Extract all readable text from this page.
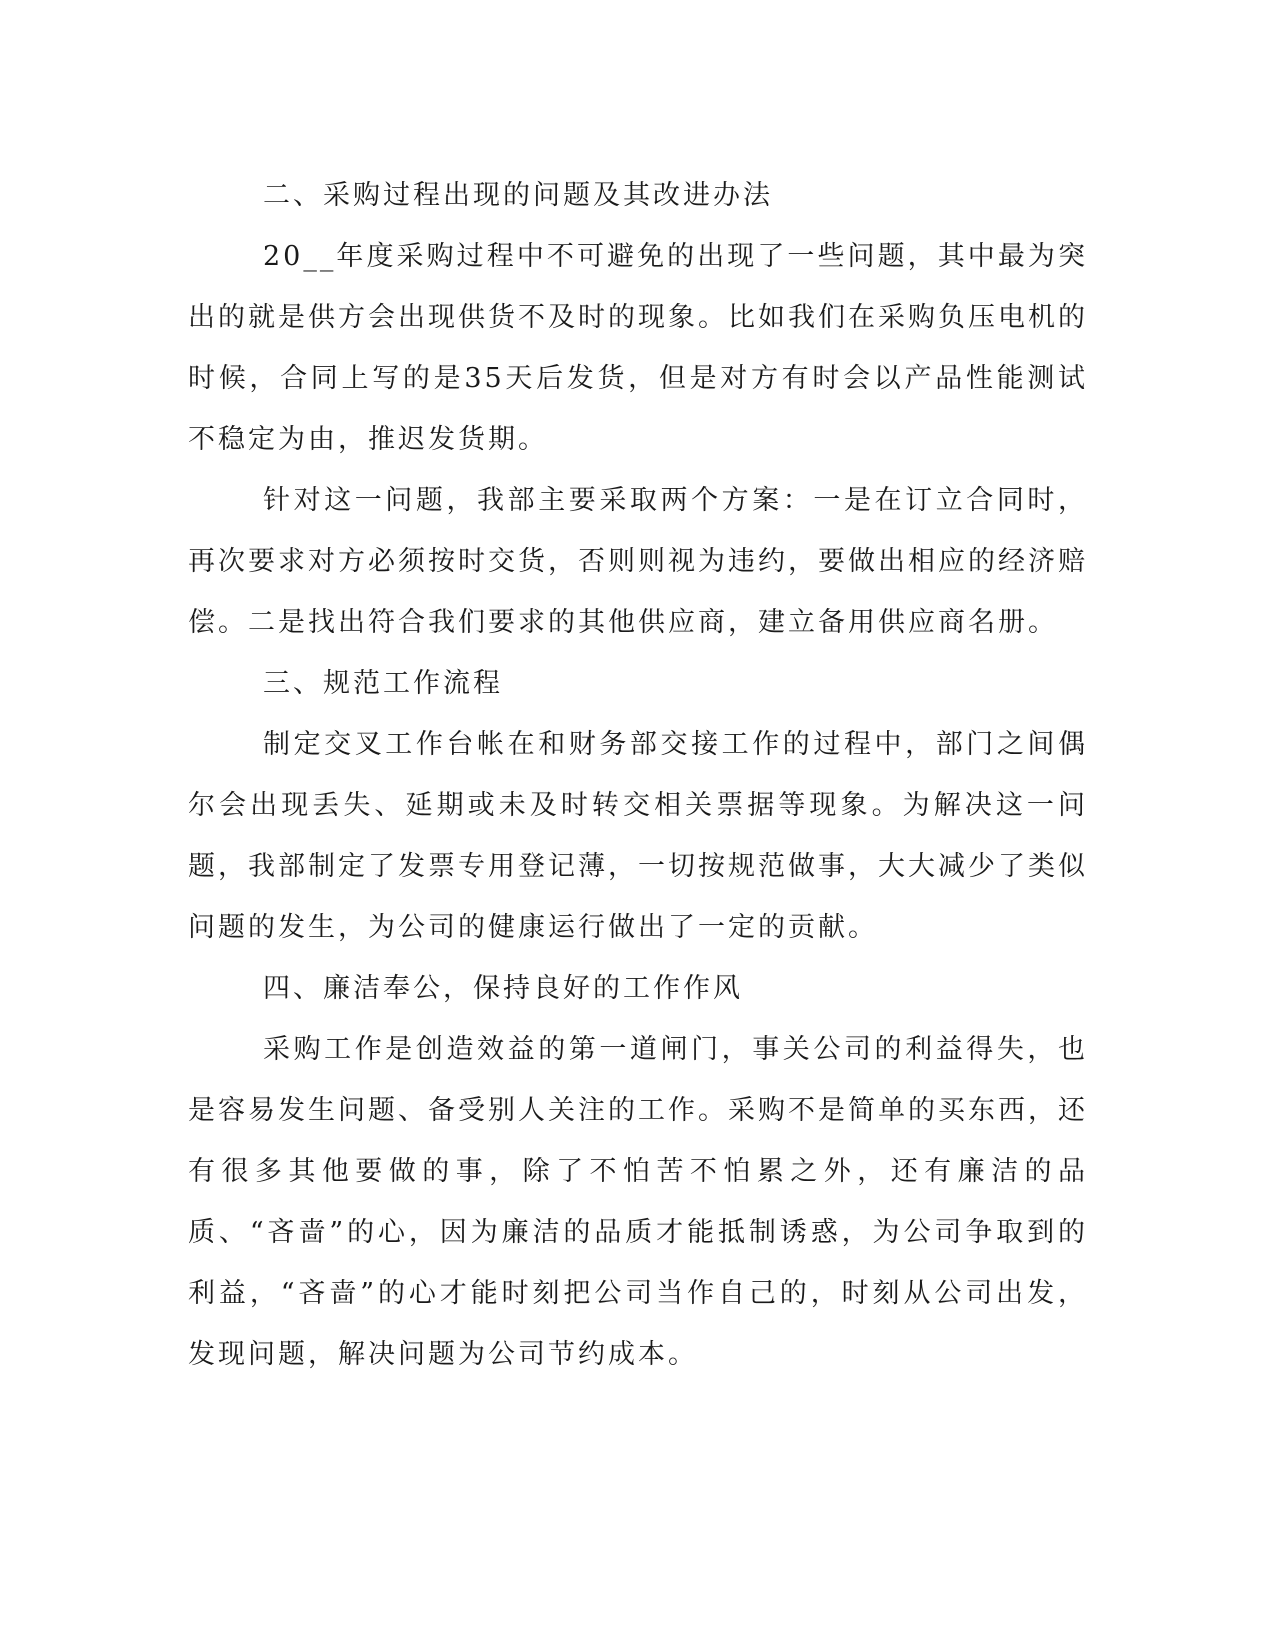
二、采购过程出现的问题及其改进办法

20__年度采购过程中不可避免的出现了一些问题，其中最为突出的就是供方会出现供货不及时的现象。比如我们在采购负压电机的时候，合同上写的是35天后发货，但是对方有时会以产品性能测试不稳定为由，推迟发货期。

针对这一问题，我部主要采取两个方案：一是在订立合同时，再次要求对方必须按时交货，否则则视为违约，要做出相应的经济赔偿。二是找出符合我们要求的其他供应商，建立备用供应商名册。

三、规范工作流程

制定交叉工作台帐在和财务部交接工作的过程中，部门之间偶尔会出现丢失、延期或未及时转交相关票据等现象。为解决这一问题，我部制定了发票专用登记薄，一切按规范做事，大大减少了类似问题的发生，为公司的健康运行做出了一定的贡献。

四、廉洁奉公，保持良好的工作作风

采购工作是创造效益的第一道闸门，事关公司的利益得失，也是容易发生问题、备受别人关注的工作。采购不是简单的买东西，还有很多其他要做的事，除了不怕苦不怕累之外，还有廉洁的品质、“吝啬”的心，因为廉洁的品质才能抵制诱惑，为公司争取到的利益，“吝啬”的心才能时刻把公司当作自己的，时刻从公司出发，发现问题，解决问题为公司节约成本。
